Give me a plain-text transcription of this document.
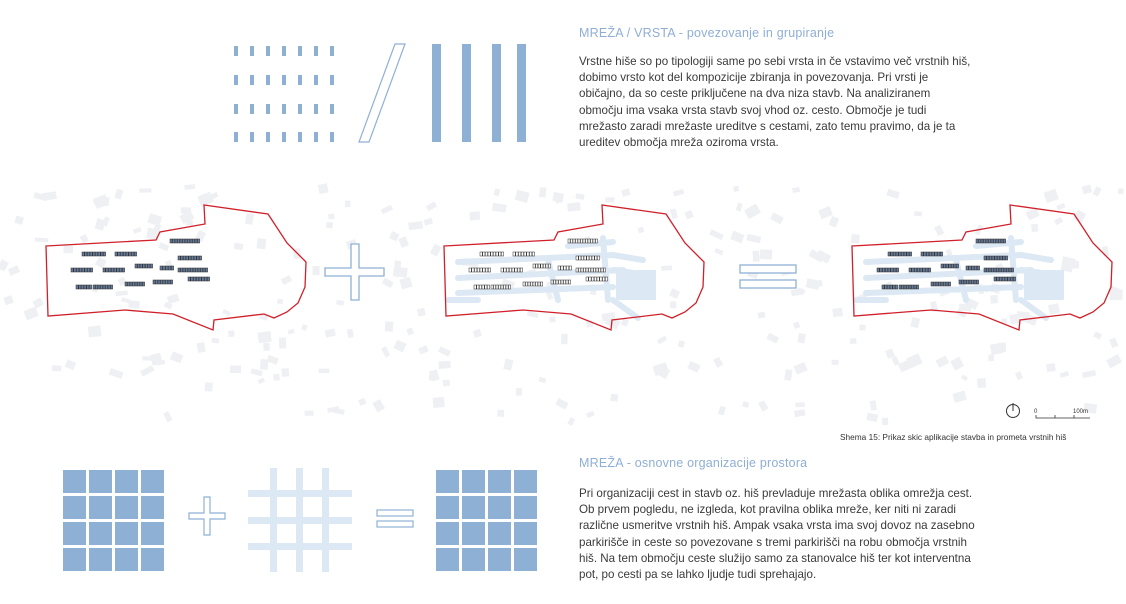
0	100m
MREŽA / VRSTA - povezovanje in grupiranje

Vrstne hiše so po tipologiji same po sebi vrsta in če vstavimo več vrstnih hiš, dobimo vrsto kot del kompozicije zbiranja in povezovanja. Pri vrsti je običajno, da so ceste priključene na dva niza stavb. Na analiziranem območju ima vsaka vrsta stavb svoj vhod oz. cesto. Območje je tudi mrežasto zaradi mrežaste ureditve s cestami, zato temu pravimo, da je ta ureditev območja mreža oziroma vrsta.

Shema 15: Prikaz skic aplikacije stavba in prometa vrstnih hiš
MREŽA - osnovne organizacije prostora

Pri organizaciji cest in stavb oz. hiš prevladuje mrežasta oblika omrežja cest. Ob prvem pogledu, ne izgleda, kot pravilna oblika mreže, ker niti ni zaradi različne usmeritve vrstnih hiš. Ampak vsaka vrsta ima svoj dovoz na zasebno parkirišče in ceste so povezovane s tremi parkirišči na robu območja vrstnih hiš. Na tem območju ceste služijo samo za stanovalce hiš ter kot interventna pot, po cesti pa se lahko ljudje tudi sprehajajo.
